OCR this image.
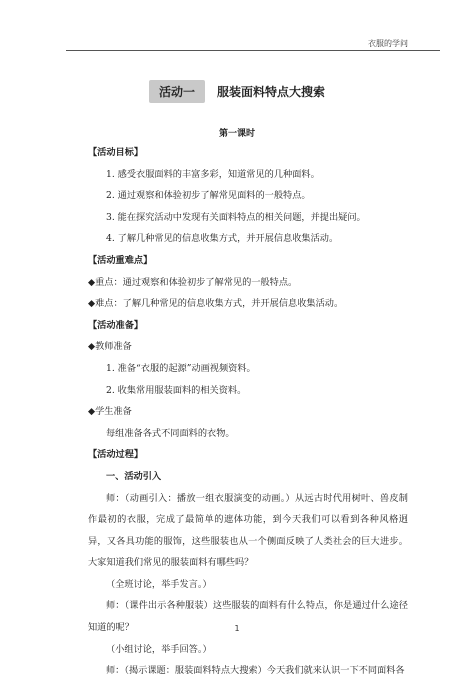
衣服的学问
活动一	服装面料特点大搜索
第一课时

【活动目标】

1. 感受衣服面料的丰富多彩，知道常见的几种面料。

2. 通过观察和体验初步了解常见面料的一般特点。

3. 能在探究活动中发现有关面料特点的相关问题，并提出疑问。

4. 了解几种常见的信息收集方式，并开展信息收集活动。

【活动重难点】

◆重点：通过观察和体验初步了解常见的一般特点。

◆难点：了解几种常见的信息收集方式，并开展信息收集活动。

【活动准备】

◆教师准备

1. 准备“衣服的起源”动画视频资料。

2. 收集常用服装面料的相关资料。

◆学生准备

每组准备各式不同面料的衣物。

【活动过程】

一、活动引入

师：（动画引入：播放一组衣服演变的动画。）从远古时代用树叶、兽皮制作最初的衣服，完成了最简单的遮体功能，到今天我们可以看到各种风格迥异，又各具功能的服饰，这些服装也从一个侧面反映了人类社会的巨大进步。大家知道我们常见的服装面料有哪些吗？

（全班讨论，举手发言。）

师：（课件出示各种服装）这些服装的面料有什么特点，你是通过什么途径知道的呢？

（小组讨论，举手回答。）

师：（揭示课题：服装面料特点大搜索）今天我们就来认识一下不同面料各

1
